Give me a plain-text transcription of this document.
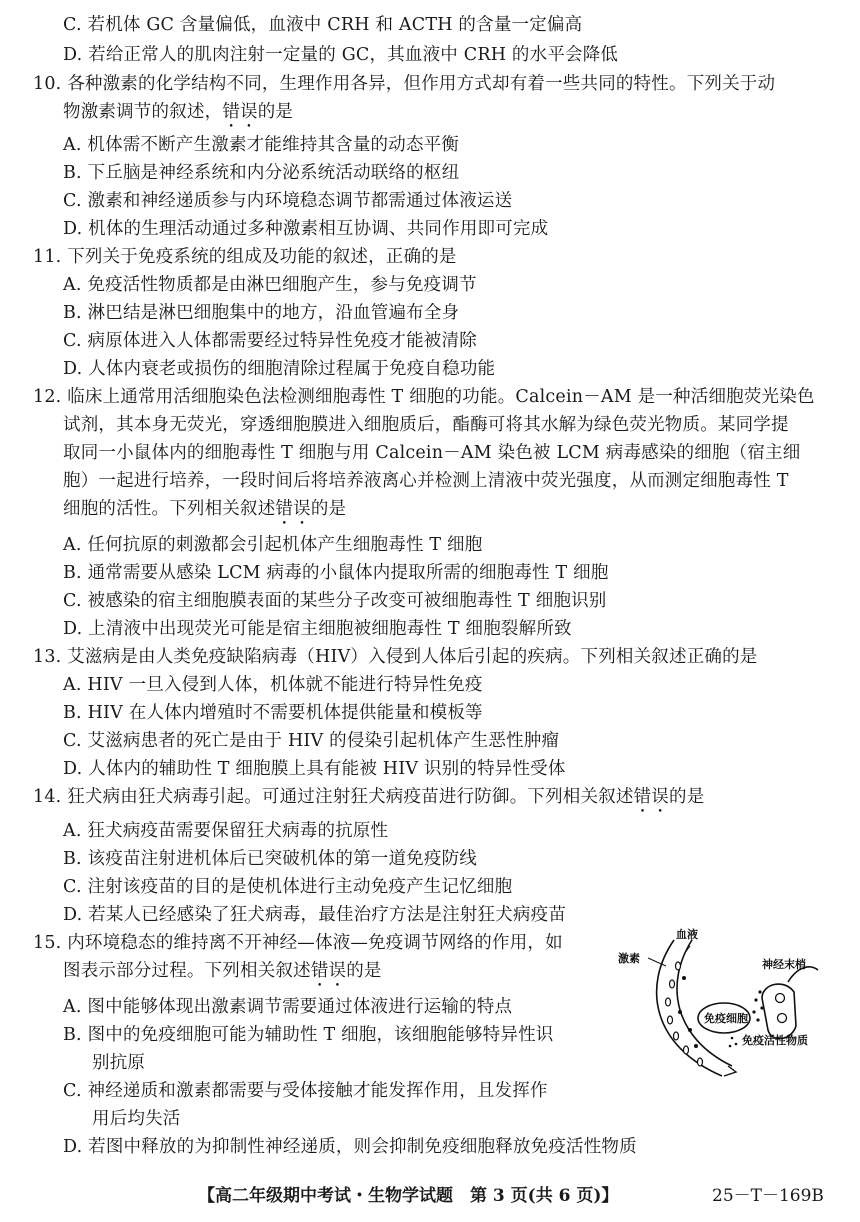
C. 若机体 GC 含量偏低，血液中 CRH 和 ACTH 的含量一定偏高
D. 若给正常人的肌肉注射一定量的 GC，其血液中 CRH 的水平会降低
10. 各种激素的化学结构不同，生理作用各异，但作用方式却有着一些共同的特性。下列关于动
物激素调节的叙述，错误的是
A. 机体需不断产生激素才能维持其含量的动态平衡
B. 下丘脑是神经系统和内分泌系统活动联络的枢纽
C. 激素和神经递质参与内环境稳态调节都需通过体液运送
D. 机体的生理活动通过多种激素相互协调、共同作用即可完成
11. 下列关于免疫系统的组成及功能的叙述，正确的是
A. 免疫活性物质都是由淋巴细胞产生，参与免疫调节
B. 淋巴结是淋巴细胞集中的地方，沿血管遍布全身
C. 病原体进入人体都需要经过特异性免疫才能被清除
D. 人体内衰老或损伤的细胞清除过程属于免疫自稳功能
12. 临床上通常用活细胞染色法检测细胞毒性 T 细胞的功能。Calcein－AM 是一种活细胞荧光染色
试剂，其本身无荧光，穿透细胞膜进入细胞质后，酯酶可将其水解为绿色荧光物质。某同学提
取同一小鼠体内的细胞毒性 T 细胞与用 Calcein－AM 染色被 LCM 病毒感染的细胞（宿主细
胞）一起进行培养，一段时间后将培养液离心并检测上清液中荧光强度，从而测定细胞毒性 T
细胞的活性。下列相关叙述错误的是
A. 任何抗原的刺激都会引起机体产生细胞毒性 T 细胞
B. 通常需要从感染 LCM 病毒的小鼠体内提取所需的细胞毒性 T 细胞
C. 被感染的宿主细胞膜表面的某些分子改变可被细胞毒性 T 细胞识别
D. 上清液中出现荧光可能是宿主细胞被细胞毒性 T 细胞裂解所致
13. 艾滋病是由人类免疫缺陷病毒（HIV）入侵到人体后引起的疾病。下列相关叙述正确的是
A. HIV 一旦入侵到人体，机体就不能进行特异性免疫
B. HIV 在人体内增殖时不需要机体提供能量和模板等
C. 艾滋病患者的死亡是由于 HIV 的侵染引起机体产生恶性肿瘤
D. 人体内的辅助性 T 细胞膜上具有能被 HIV 识别的特异性受体
14. 狂犬病由狂犬病毒引起。可通过注射狂犬病疫苗进行防御。下列相关叙述错误的是
A. 狂犬病疫苗需要保留狂犬病毒的抗原性
B. 该疫苗注射进机体后已突破机体的第一道免疫防线
C. 注射该疫苗的目的是使机体进行主动免疫产生记忆细胞
D. 若某人已经感染了狂犬病毒，最佳治疗方法是注射狂犬病疫苗
15. 内环境稳态的维持离不开神经—体液—免疫调节网络的作用，如
图表示部分过程。下列相关叙述错误的是
A. 图中能够体现出激素调节需要通过体液进行运输的特点
B. 图中的免疫细胞可能为辅助性 T 细胞，该细胞能够特异性识
别抗原
C. 神经递质和激素都需要与受体接触才能发挥作用，且发挥作
用后均失活
D. 若图中释放的为抑制性神经递质，则会抑制免疫细胞释放免疫活性物质
血液
激素	神经末梢
免疫细胞
免疫活性物质
【高二年级期中考试・生物学试题　第 3 页(共 6 页)】	25－T－169B
